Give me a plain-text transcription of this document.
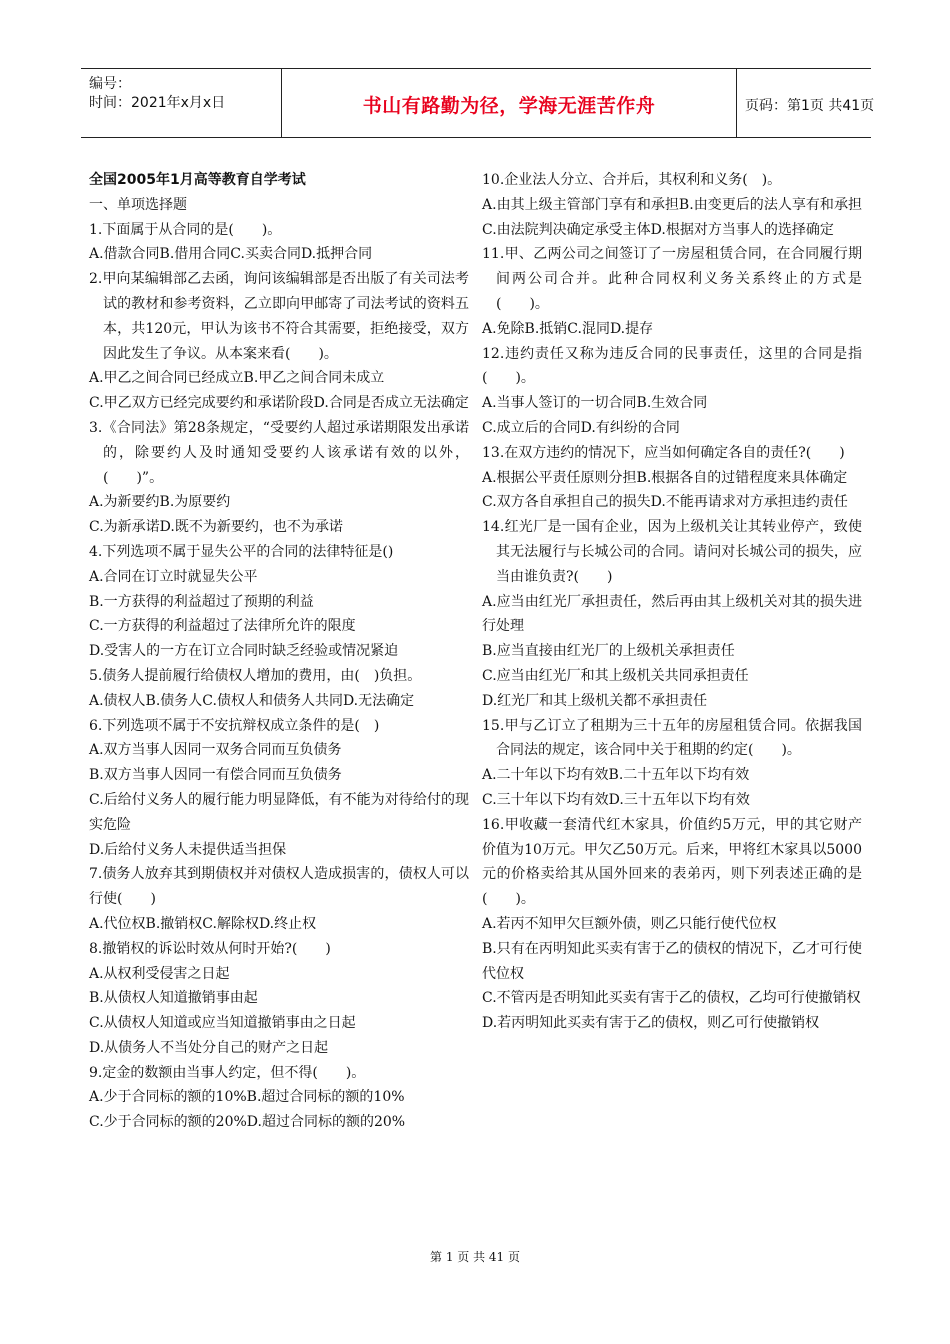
编号：
时间：2021年x月x日	书山有路勤为径，学海无涯苦作舟	页码：第1页 共41页

全国2005年1月高等教育自学考试

一、单项选择题

1.下面属于从合同的是(　　)。

A.借款合同B.借用合同C.买卖合同D.抵押合同

2.甲向某编辑部乙去函，询问该编辑部是否出版了有关司法考试的教材和参考资料，乙立即向甲邮寄了司法考试的资料五本，共120元，甲认为该书不符合其需要，拒绝接受，双方因此发生了争议。从本案来看(　　)。

A.甲乙之间合同已经成立B.甲乙之间合同未成立

C.甲乙双方已经完成要约和承诺阶段D.合同是否成立无法确定

3.《合同法》第28条规定，“受要约人超过承诺期限发出承诺的，除要约人及时通知受要约人该承诺有效的以外，(　　)”。

A.为新要约B.为原要约

C.为新承诺D.既不为新要约，也不为承诺

4.下列选项不属于显失公平的合同的法律特征是()

A.合同在订立时就显失公平

B.一方获得的利益超过了预期的利益

C.一方获得的利益超过了法律所允许的限度

D.受害人的一方在订立合同时缺乏经验或情况紧迫

5.债务人提前履行给债权人增加的费用，由(　)负担。

A.债权人B.债务人C.债权人和债务人共同D.无法确定

6.下列选项不属于不安抗辩权成立条件的是(　)

A.双方当事人因同一双务合同而互负债务

B.双方当事人因同一有偿合同而互负债务

C.后给付义务人的履行能力明显降低，有不能为对待给付的现实危险

D.后给付义务人未提供适当担保

7.债务人放弃其到期债权并对债权人造成损害的，债权人可以行使(　　)

A.代位权B.撤销权C.解除权D.终止权

8.撤销权的诉讼时效从何时开始?(　　)

A.从权利受侵害之日起

B.从债权人知道撤销事由起

C.从债权人知道或应当知道撤销事由之日起

D.从债务人不当处分自己的财产之日起

9.定金的数额由当事人约定，但不得(　　)。

A.少于合同标的额的10%B.超过合同标的额的10%

C.少于合同标的额的20%D.超过合同标的额的20%

10.企业法人分立、合并后，其权利和义务(　)。

A.由其上级主管部门享有和承担B.由变更后的法人享有和承担C.由法院判决确定承受主体D.根据对方当事人的选择确定

11.甲、乙两公司之间签订了一房屋租赁合同，在合同履行期间两公司合并。此种合同权利义务关系终止的方式是(　　)。

A.免除B.抵销C.混同D.提存

12.违约责任又称为违反合同的民事责任，这里的合同是指(　　)。

A.当事人签订的一切合同B.生效合同

C.成立后的合同D.有纠纷的合同

13.在双方违约的情况下，应当如何确定各自的责任?(　　)

A.根据公平责任原则分担B.根据各自的过错程度来具体确定

C.双方各自承担自己的损失D.不能再请求对方承担违约责任

14.红光厂是一国有企业，因为上级机关让其转业停产，致使其无法履行与长城公司的合同。请问对长城公司的损失，应当由谁负责?(　　)

A.应当由红光厂承担责任，然后再由其上级机关对其的损失进行处理

B.应当直接由红光厂的上级机关承担责任

C.应当由红光厂和其上级机关共同承担责任

D.红光厂和其上级机关都不承担责任

15.甲与乙订立了租期为三十五年的房屋租赁合同。依据我国合同法的规定，该合同中关于租期的约定(　　)。

A.二十年以下均有效B.二十五年以下均有效

C.三十年以下均有效D.三十五年以下均有效

16.甲收藏一套清代红木家具，价值约5万元，甲的其它财产价值为10万元。甲欠乙50万元。后来，甲将红木家具以5000元的价格卖给其从国外回来的表弟丙，则下列表述正确的是(　　)。

A.若丙不知甲欠巨额外债，则乙只能行使代位权

B.只有在丙明知此买卖有害于乙的债权的情况下，乙才可行使代位权

C.不管丙是否明知此买卖有害于乙的债权，乙均可行使撤销权

D.若丙明知此买卖有害于乙的债权，则乙可行使撤销权

第 1 页 共 41 页
